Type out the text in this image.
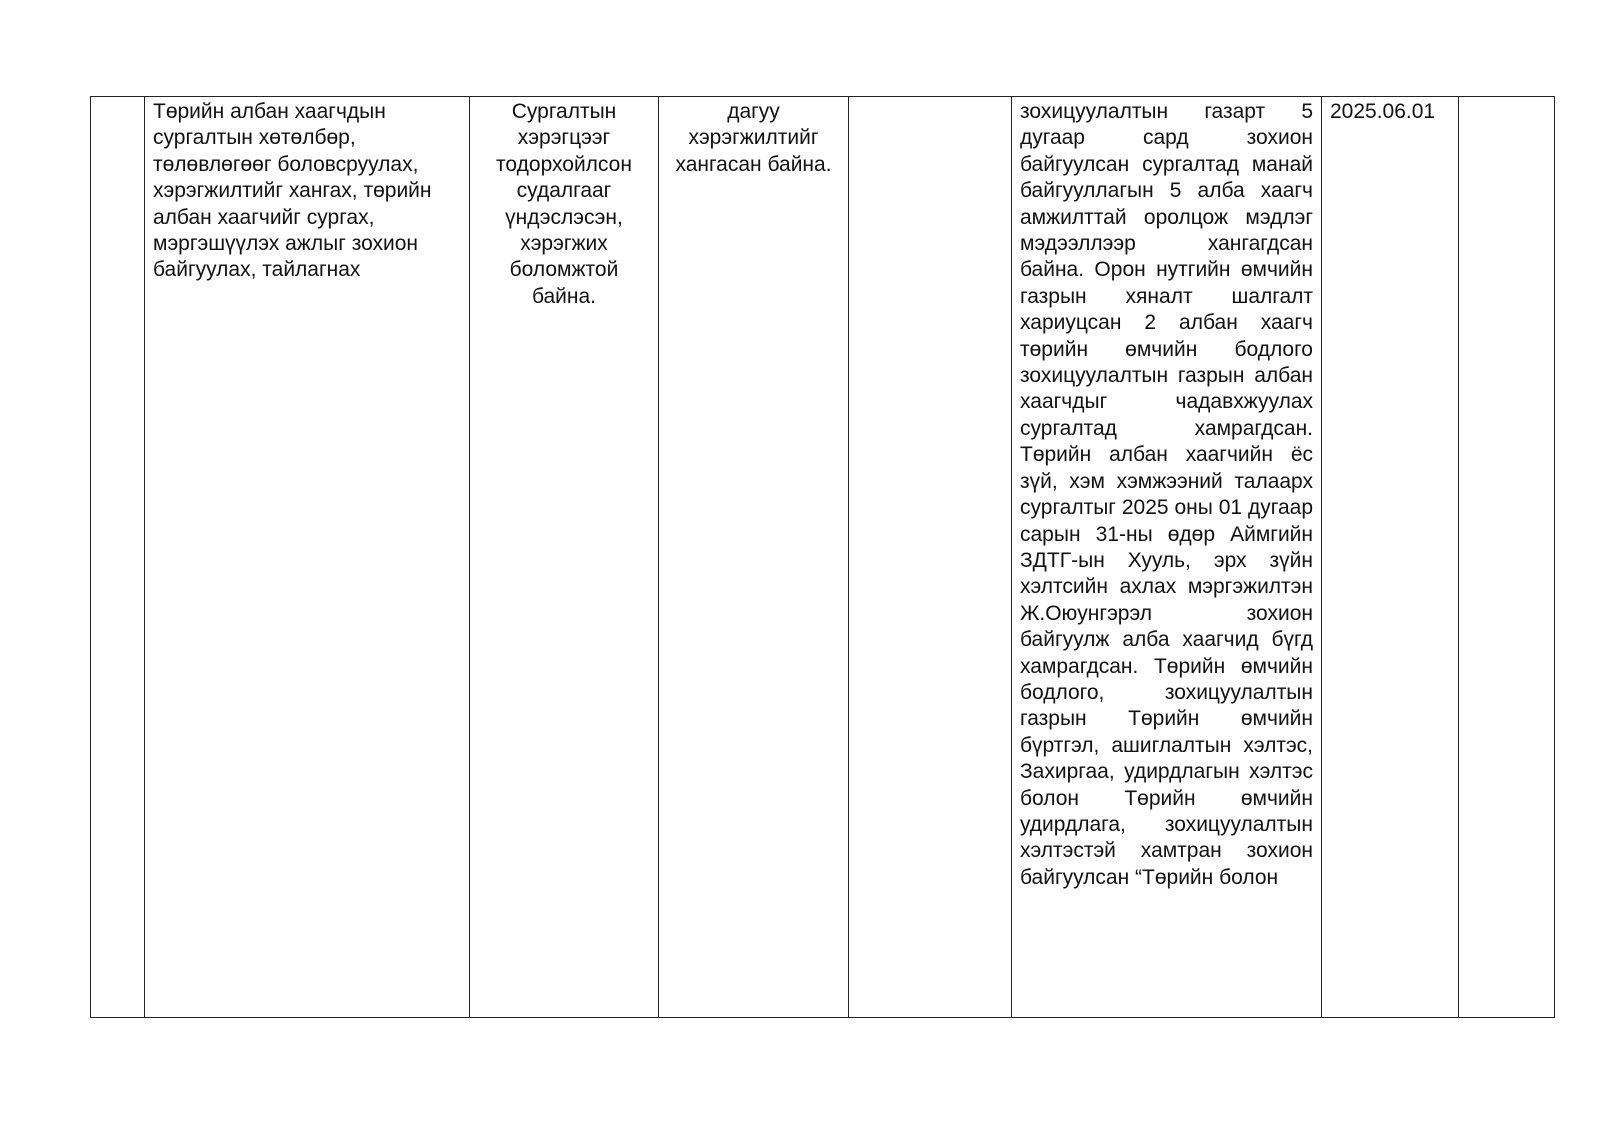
	Төрийн албан хаагчдын сургалтын хөтөлбөр, төлөвлөгөөг боловсруулах, хэрэгжилтийг хангах, төрийн албан хаагчийг сургах, мэргэшүүлэх ажлыг зохион байгуулах, тайлагнах	Сургалтын хэрэгцээг тодорхойлсон судалгааг үндэслэсэн, хэрэгжих боломжтой байна.	дагуу хэрэгжилтийг хангасан байна.		зохицуулалтын газарт 5 дугаар сард зохион байгуулсан сургалтад манай байгууллагын 5 алба хаагч амжилттай оролцож мэдлэг мэдээллээр хангагдсан байна. Орон нутгийн өмчийн газрын хяналт шалгалт хариуцсан 2 албан хаагч төрийн өмчийн бодлого зохицуулалтын газрын албан хаагчдыг чадавхжуулах сургалтад хамрагдсан. Төрийн албан хаагчийн ёс зүй, хэм хэмжээний талаарх сургалтыг 2025 оны 01 дугаар сарын 31-ны өдөр Аймгийн ЗДТГ-ын Хууль, эрх зүйн хэлтсийн ахлах мэргэжилтэн Ж.Оюунгэрэл зохион байгуулж алба хаагчид бүгд хамрагдсан. Төрийн өмчийн бодлого, зохицуулалтын газрын Төрийн өмчийн бүртгэл, ашиглалтын хэлтэс, Захиргаа, удирдлагын хэлтэс болон Төрийн өмчийн удирдлага, зохицуулалтын хэлтэстэй хамтран зохион байгуулсан “Төрийн болон	2025.06.01	
